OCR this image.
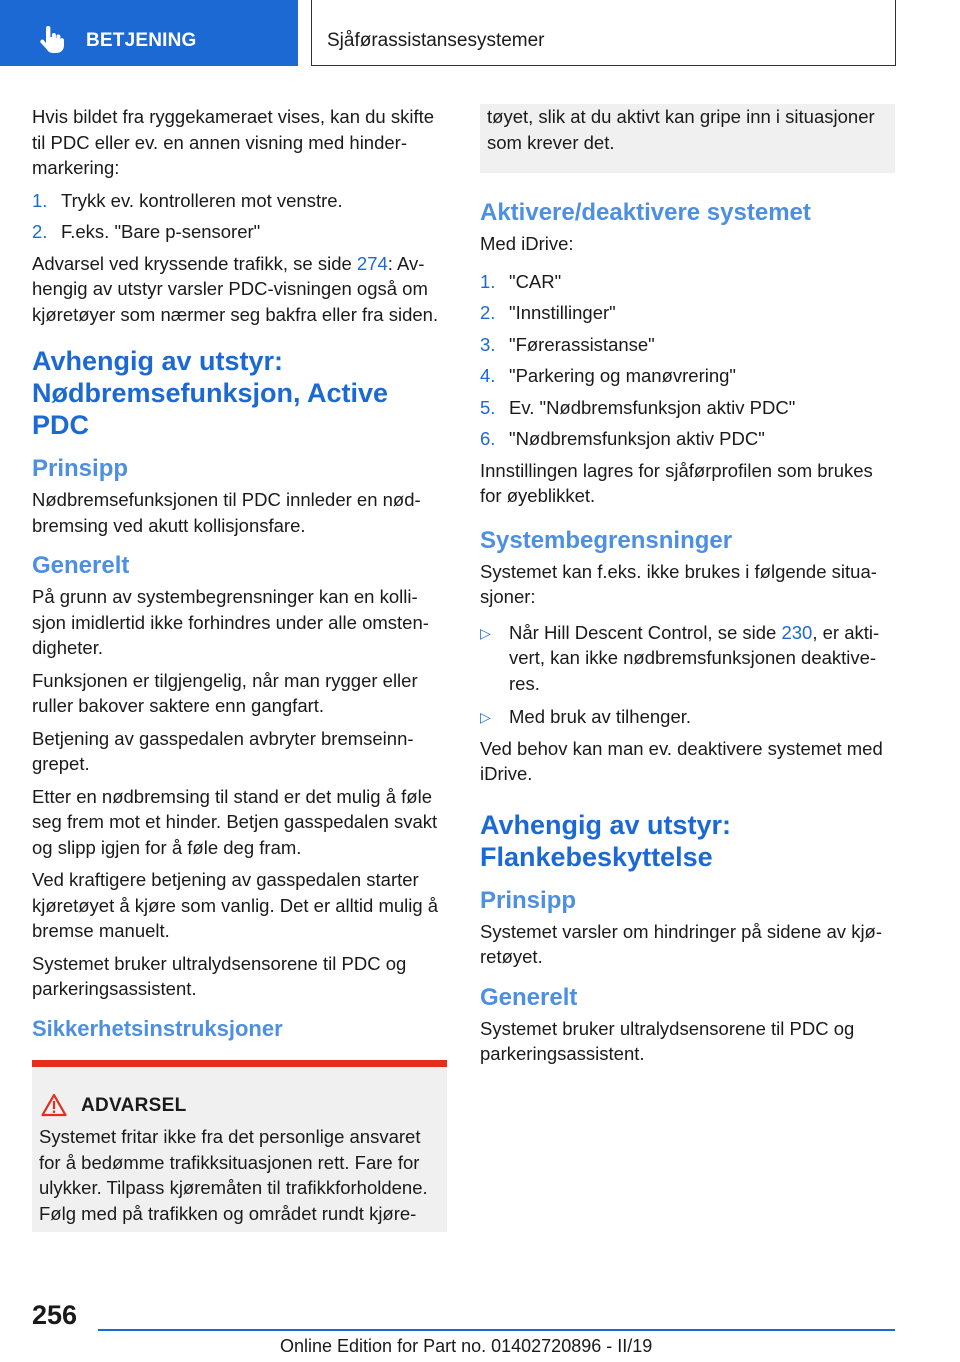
BETJENING	Sjåførassistansesystemer

Hvis bildet fra ryggekameraet vises, kan du skifte til PDC eller ev. en annen visning med hinder-markering:

1. Trykk ev. kontrolleren mot venstre.
2. F.eks. "Bare p-sensorer"

Advarsel ved kryssende trafikk, se side 274: Av-hengig av utstyr varsler PDC-visningen også om kjøretøyer som nærmer seg bakfra eller fra siden.

Avhengig av utstyr: Nødbremsefunksjon, Active PDC
Prinsipp

Nødbremsefunksjonen til PDC innleder en nød-bremsing ved akutt kollisjonsfare.

Generelt

På grunn av systembegrensninger kan en kolli-sjon imidlertid ikke forhindres under alle omsten-digheter.

Funksjonen er tilgjengelig, når man rygger eller ruller bakover saktere enn gangfart.

Betjening av gasspedalen avbryter bremseinn-grepet.

Etter en nødbremsing til stand er det mulig å føle seg frem mot et hinder. Betjen gasspedalen svakt og slipp igjen for å føle deg fram.

Ved kraftigere betjening av gasspedalen starter kjøretøyet å kjøre som vanlig. Det er alltid mulig å bremse manuelt.

Systemet bruker ultralydsensorene til PDC og parkeringsassistent.

Sikkerhetsinstruksjoner
ADVARSEL

Systemet fritar ikke fra det personlige ansvaret for å bedømme trafikksituasjonen rett. Fare for ulykker. Tilpass kjøremåten til trafikkforholdene. Følg med på trafikken og området rundt kjøre-

tøyet, slik at du aktivt kan gripe inn i situasjoner som krever det.

Aktivere/deaktivere systemet

Med iDrive:

1. "CAR"
2. "Innstillinger"
3. "Førerassistanse"
4. "Parkering og manøvrering"
5. Ev. "Nødbremsfunksjon aktiv PDC"
6. "Nødbremsfunksjon aktiv PDC"

Innstillingen lagres for sjåførprofilen som brukes for øyeblikket.

Systembegrensninger

Systemet kan f.eks. ikke brukes i følgende situa-sjoner:

▷ Når Hill Descent Control, se side 230, er akti-vert, kan ikke nødbremsfunksjonen deaktive-res.
▷ Med bruk av tilhenger.

Ved behov kan man ev. deaktivere systemet med iDrive.

Avhengig av utstyr: Flankebeskyttelse
Prinsipp

Systemet varsler om hindringer på sidene av kjø-retøyet.

Generelt

Systemet bruker ultralydsensorene til PDC og parkeringsassistent.

256
Online Edition for Part no. 01402720896 - II/19
